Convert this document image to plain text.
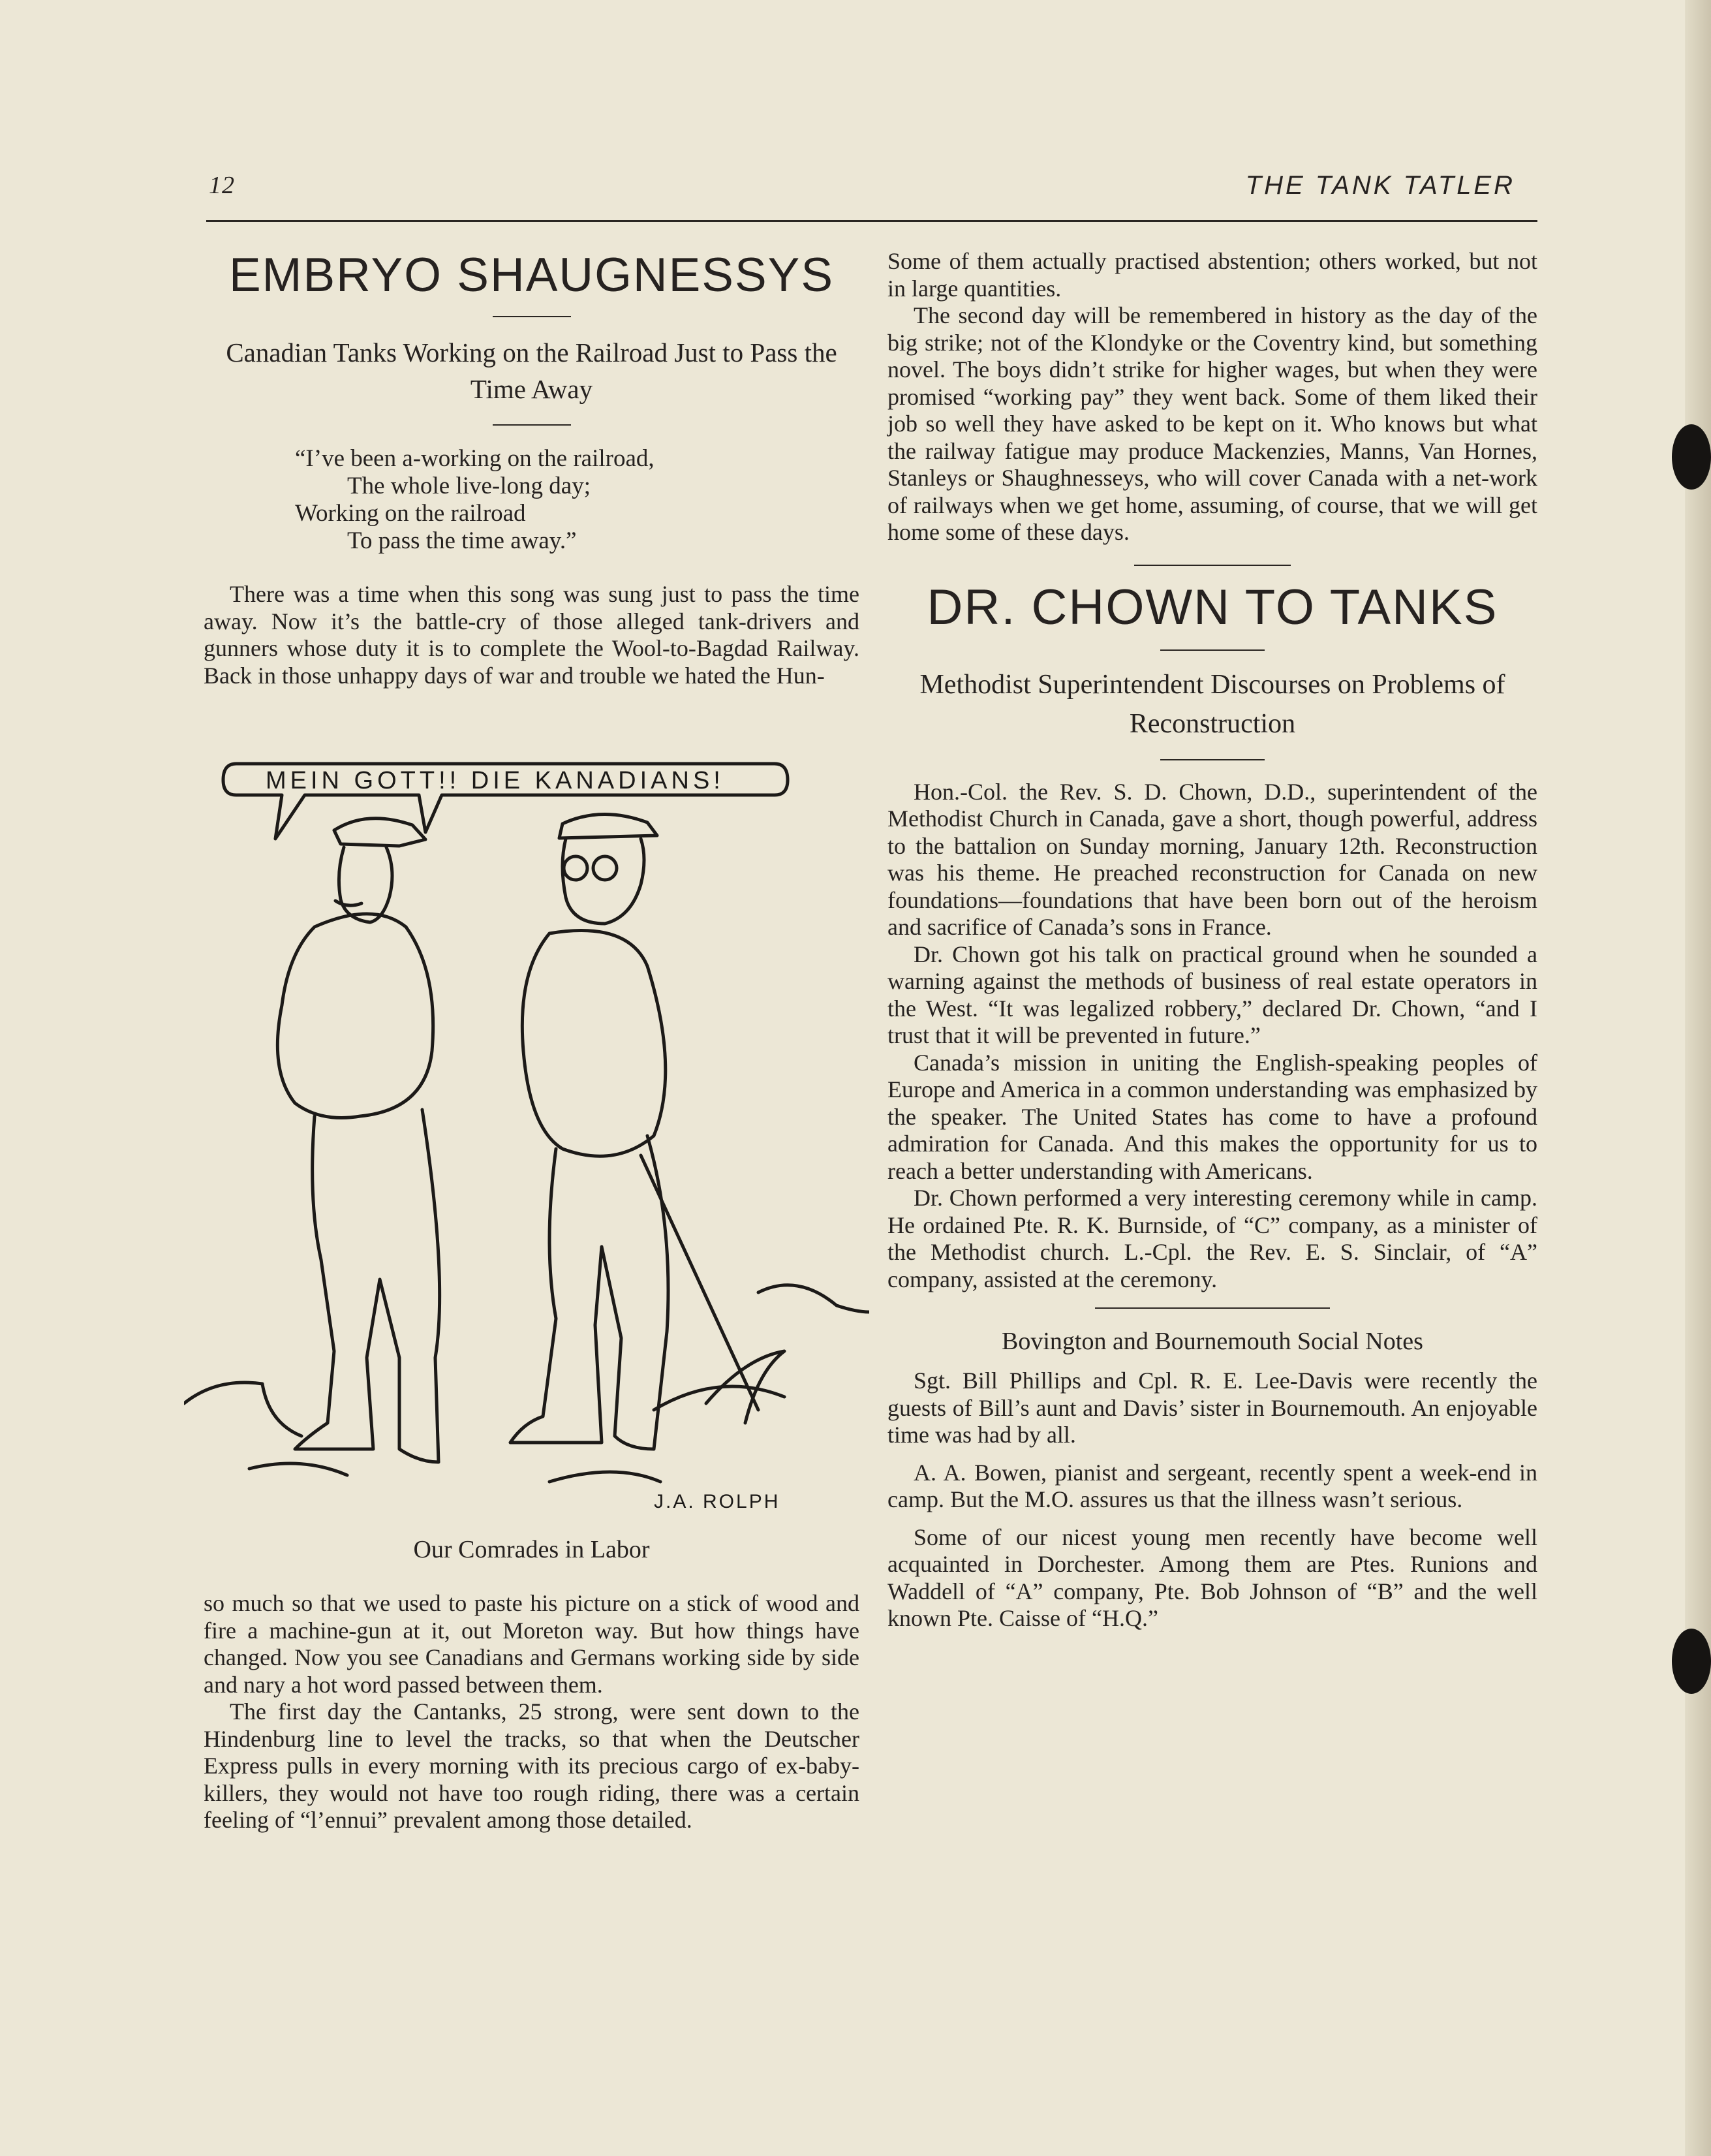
12	THE TANK TATLER
EMBRYO SHAUGNESSYS

Canadian Tanks Working on the Railroad Just to Pass the Time Away

“I’ve been a-working on the railroad,
The whole live-long day;
Working on the railroad
To pass the time away.”

There was a time when this song was sung just to pass the time away. Now it’s the battle-cry of those alleged tank-drivers and gunners whose duty it is to complete the Wool-to-Bagdad Railway. Back in those unhappy days of war and trouble we hated the Hun-

MEIN GOTT!! DIE KANADIANS!
J.A. ROLPH

Our Comrades in Labor

so much so that we used to paste his picture on a stick of wood and fire a machine-gun at it, out Moreton way. But how things have changed. Now you see Canadians and Germans working side by side and nary a hot word passed between them.

The first day the Cantanks, 25 strong, were sent down to the Hindenburg line to level the tracks, so that when the Deutscher Express pulls in every morning with its precious cargo of ex-baby-killers, they would not have too rough riding, there was a certain feeling of “l’ennui” prevalent among those detailed.

Some of them actually practised abstention; others worked, but not in large quantities.

The second day will be remembered in history as the day of the big strike; not of the Klondyke or the Coventry kind, but something novel. The boys didn’t strike for higher wages, but when they were promised “working pay” they went back. Some of them liked their job so well they have asked to be kept on it. Who knows but what the railway fatigue may produce Mackenzies, Manns, Van Hornes, Stanleys or Shaughnesseys, who will cover Canada with a net-work of railways when we get home, assuming, of course, that we will get home some of these days.

DR. CHOWN TO TANKS

Methodist Superintendent Discourses on Problems of Reconstruction

Hon.-Col. the Rev. S. D. Chown, D.D., superintendent of the Methodist Church in Canada, gave a short, though powerful, address to the battalion on Sunday morning, January 12th. Reconstruction was his theme. He preached reconstruction for Canada on new foundations—foundations that have been born out of the heroism and sacrifice of Canada’s sons in France.

Dr. Chown got his talk on practical ground when he sounded a warning against the methods of business of real estate operators in the West. “It was legalized robbery,” declared Dr. Chown, “and I trust that it will be prevented in future.”

Canada’s mission in uniting the English-speaking peoples of Europe and America in a common understanding was emphasized by the speaker. The United States has come to have a profound admiration for Canada. And this makes the opportunity for us to reach a better understanding with Americans.

Dr. Chown performed a very interesting ceremony while in camp. He ordained Pte. R. K. Burnside, of “C” company, as a minister of the Methodist church. L.-Cpl. the Rev. E. S. Sinclair, of “A” company, assisted at the ceremony.

Bovington and Bournemouth Social Notes

Sgt. Bill Phillips and Cpl. R. E. Lee-Davis were recently the guests of Bill’s aunt and Davis’ sister in Bournemouth. An enjoyable time was had by all.

A. A. Bowen, pianist and sergeant, recently spent a week-end in camp. But the M.O. assures us that the illness wasn’t serious.

Some of our nicest young men recently have become well acquainted in Dorchester. Among them are Ptes. Runions and Waddell of “A” company, Pte. Bob Johnson of “B” and the well known Pte. Caisse of “H.Q.”
